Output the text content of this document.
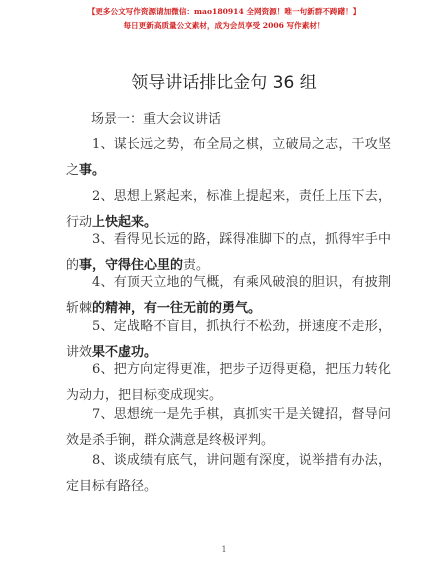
【更多公文写作资源请加微信：mao180914 全网资源！唯一句新群不踌躇！】
每日更新高质量公文素材，成为会员享受 2006 写作素材！
领导讲话排比金句 36 组
场景一：重大会议讲话
1、谋长远之势，布全局之棋，立破局之志，干攻坚之事。
2、思想上紧起来，标准上提起来，责任上压下去，行动上快起来。
3、看得见长远的路，踩得准脚下的点，抓得牢手中的事，守得住心里的责。
4、有顶天立地的气概，有乘风破浪的胆识，有披荆斩棘的精神，有一往无前的勇气。
5、定战略不盲目，抓执行不松劲，拼速度不走形，讲效果不虚功。
6、把方向定得更准，把步子迈得更稳，把压力转化为动力，把目标变成现实。
7、思想统一是先手棋，真抓实干是关键招，督导问效是杀手锏，群众满意是终极评判。
8、谈成绩有底气，讲问题有深度，说举措有办法，定目标有路径。
1
